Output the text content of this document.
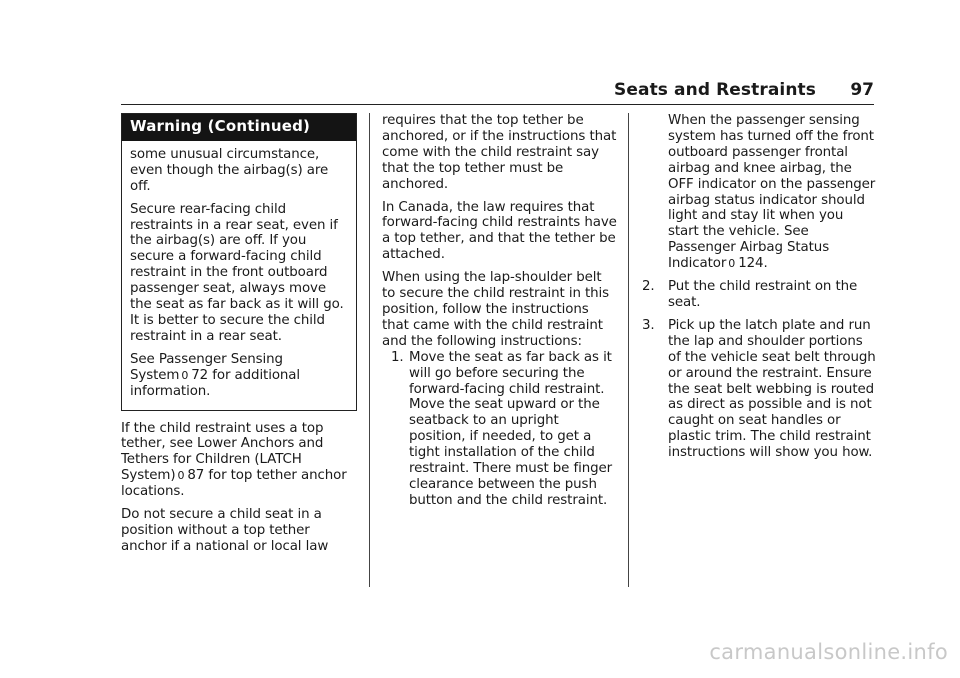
Seats and Restraints 97
Warning (Continued)

some unusual circumstance, even though the airbag(s) are off.

Secure rear-facing child restraints in a rear seat, even if the airbag(s) are off. If you secure a forward-facing child restraint in the front outboard passenger seat, always move the seat as far back as it will go. It is better to secure the child restraint in a rear seat.

See Passenger Sensing System 0 72 for additional information.

If the child restraint uses a top tether, see Lower Anchors and Tethers for Children (LATCH System) 0 87 for top tether anchor locations.

Do not secure a child seat in a position without a top tether anchor if a national or local law

requires that the top tether be anchored, or if the instructions that come with the child restraint say that the top tether must be anchored.

In Canada, the law requires that forward-facing child restraints have a top tether, and that the tether be attached.

When using the lap-shoulder belt to secure the child restraint in this position, follow the instructions that came with the child restraint and the following instructions:

1. Move the seat as far back as it will go before securing the forward-facing child restraint. Move the seat upward or the seatback to an upright position, if needed, to get a tight installation of the child restraint. There must be finger clearance between the push button and the child restraint.

When the passenger sensing system has turned off the front outboard passenger frontal airbag and knee airbag, the OFF indicator on the passenger airbag status indicator should light and stay lit when you start the vehicle. See Passenger Airbag Status Indicator 0 124.

2.	Put the child restraint on the seat.
3.	Pick up the latch plate and run the lap and shoulder portions of the vehicle seat belt through or around the restraint. Ensure the seat belt webbing is routed as direct as possible and is not caught on seat handles or plastic trim. The child restraint instructions will show you how.
carmanualsonline.info
